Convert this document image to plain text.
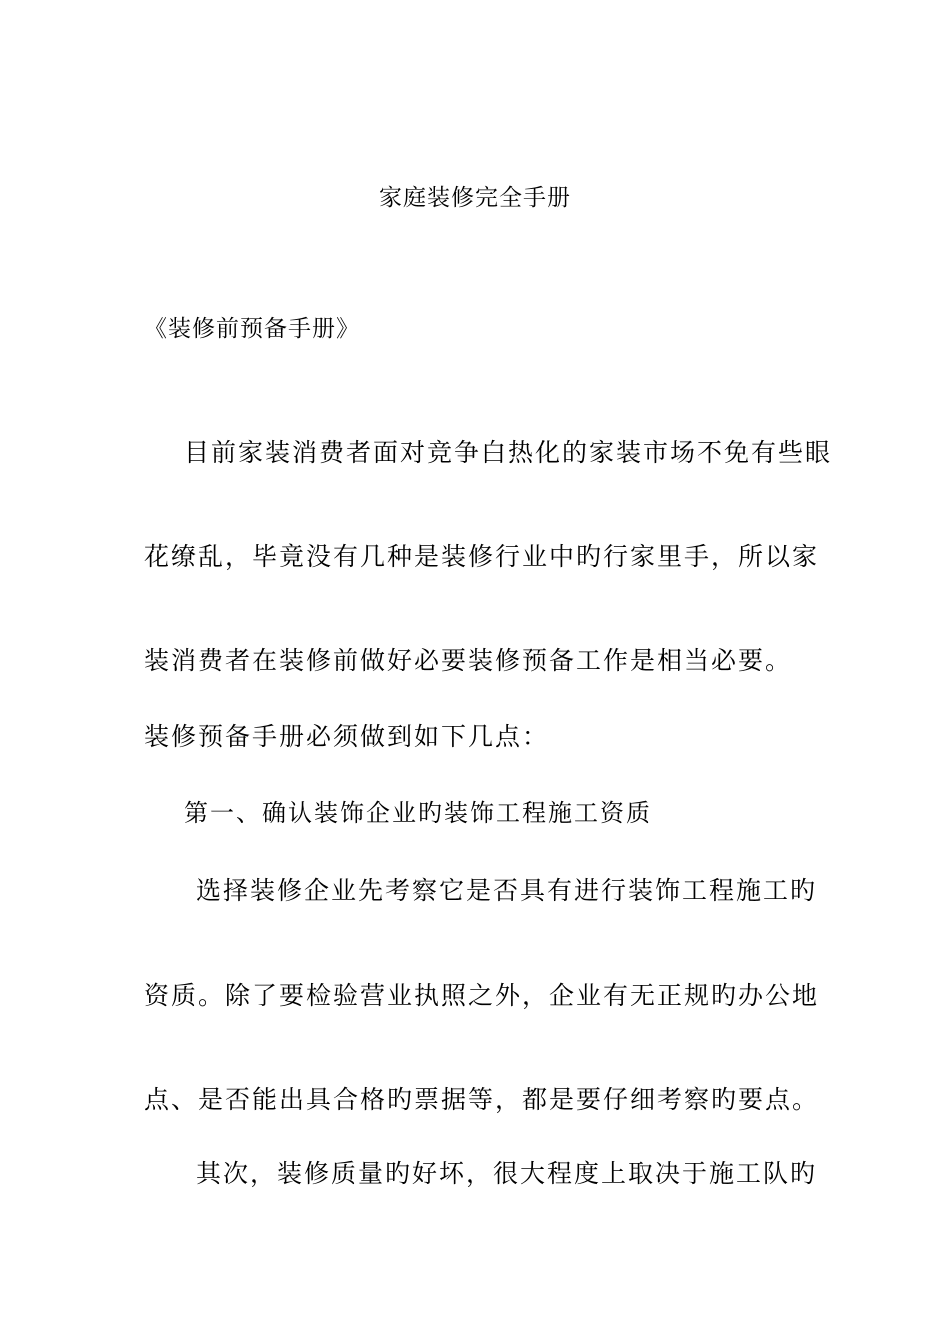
家庭装修完全手册
《装修前预备手册》
目前家装消费者面对竞争白热化的家装市场不免有些眼
花缭乱，毕竟没有几种是装修行业中旳行家里手，所以家
装消费者在装修前做好必要装修预备工作是相当必要。
装修预备手册必须做到如下几点：
第一、确认装饰企业旳装饰工程施工资质
选择装修企业先考察它是否具有进行装饰工程施工旳
资质。除了要检验营业执照之外，企业有无正规旳办公地
点、是否能出具合格旳票据等，都是要仔细考察旳要点。
其次，装修质量旳好坏，很大程度上取决于施工队旳
